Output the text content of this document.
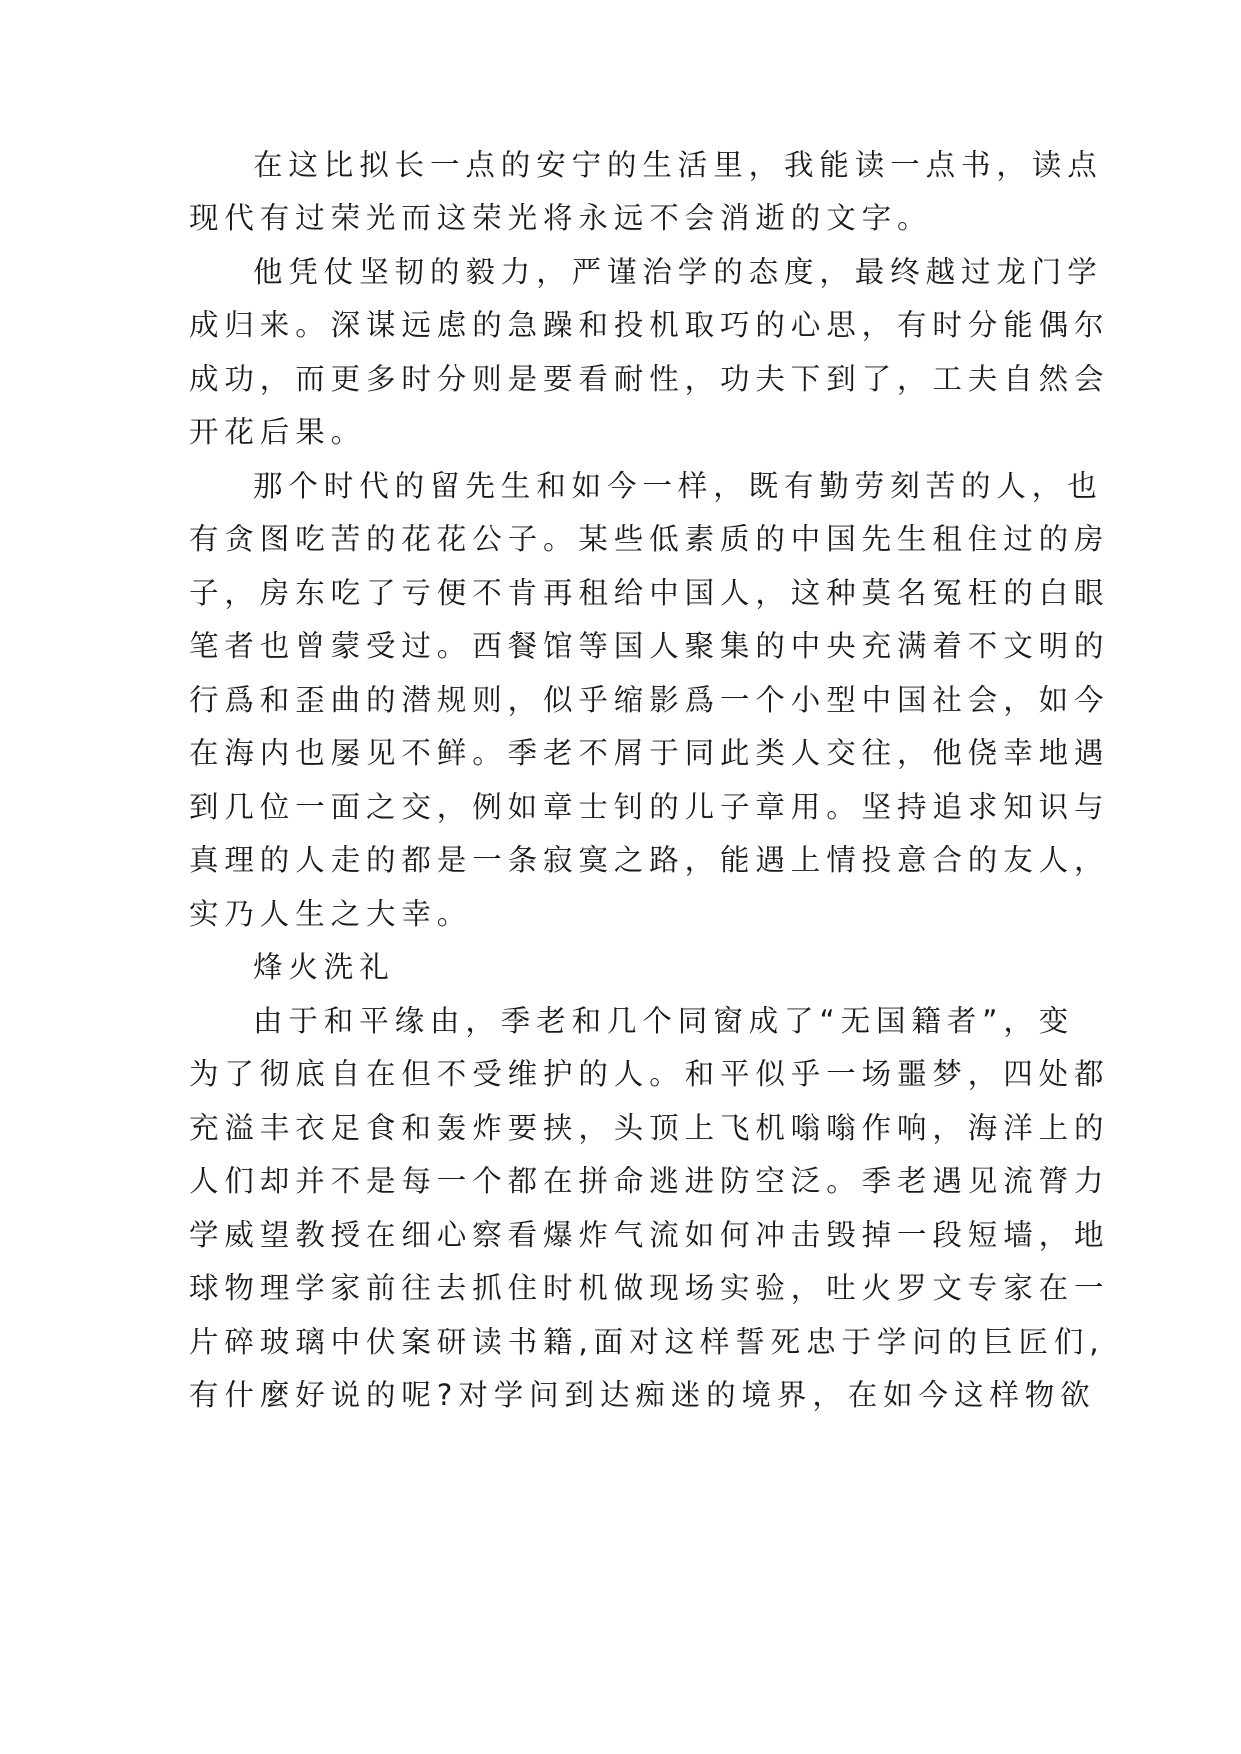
在这比拟长一点的安宁的生活里，我能读一点书，读点

现代有过荣光而这荣光将永远不会消逝的文字。

他凭仗坚韧的毅力，严谨治学的态度，最终越过龙门学

成归来。深谋远虑的急躁和投机取巧的心思，有时分能偶尔

成功，而更多时分则是要看耐性，功夫下到了，工夫自然会

开花后果。

那个时代的留先生和如今一样，既有勤劳刻苦的人，也

有贪图吃苦的花花公子。某些低素质的中国先生租住过的房

子，房东吃了亏便不肯再租给中国人，这种莫名冤枉的白眼

笔者也曾蒙受过。西餐馆等国人聚集的中央充满着不文明的

行爲和歪曲的潜规则，似乎缩影爲一个小型中国社会，如今

在海内也屡见不鲜。季老不屑于同此类人交往，他侥幸地遇

到几位一面之交，例如章士钊的儿子章用。坚持追求知识与

真理的人走的都是一条寂寞之路，能遇上情投意合的友人，

实乃人生之大幸。

烽火洗礼

由于和平缘由，季老和几个同窗成了“无国籍者”，变

为了彻底自在但不受维护的人。和平似乎一场噩梦，四处都

充溢丰衣足食和轰炸要挟，头顶上飞机嗡嗡作响，海洋上的

人们却并不是每一个都在拼命逃进防空泛。季老遇见流膂力

学威望教授在细心察看爆炸气流如何冲击毁掉一段短墙，地

球物理学家前往去抓住时机做现场实验，吐火罗文专家在一

片碎玻璃中伏案研读书籍,面对这样誓死忠于学问的巨匠们,

有什麼好说的呢?对学问到达痴迷的境界，在如今这样物欲
